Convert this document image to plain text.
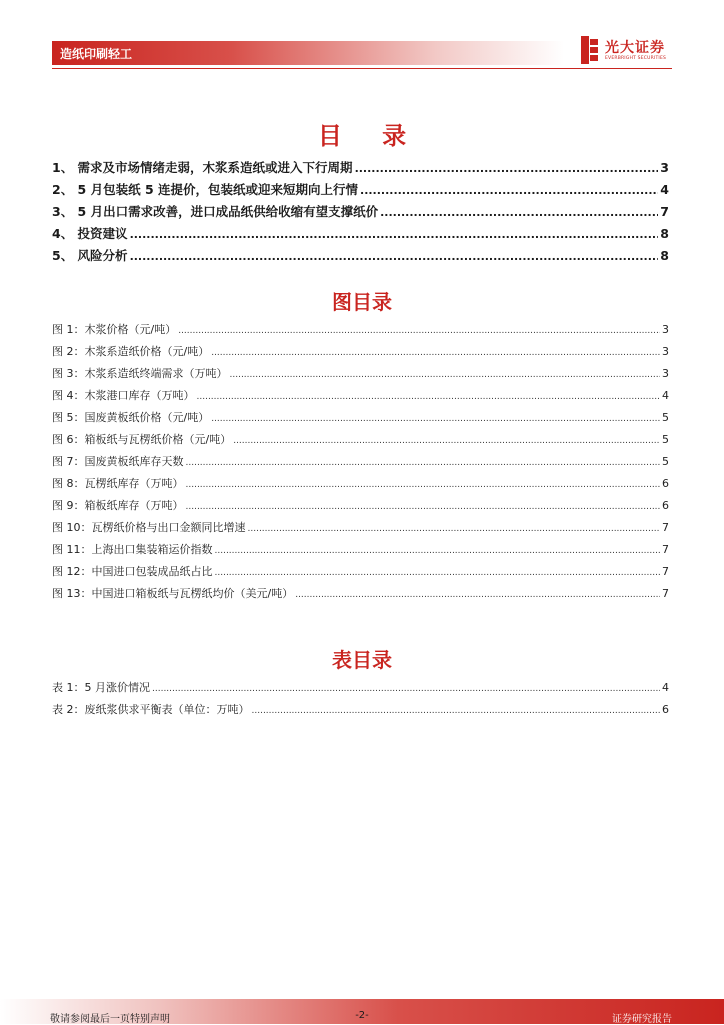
造纸印刷轻工	光大证券
EVERBRIGHT SECURITIES
目 录
1、 需求及市场情绪走弱，木浆系造纸或进入下行周期 .....	3
2、 5 月包装纸 5 连提价，包装纸或迎来短期向上行情 .....	4
3、 5 月出口需求改善，进口成品纸供给收缩有望支撑纸价 .....	7
4、 投资建议 .....	8
5、 风险分析 .....	8
图目录
图 1：木浆价格（元/吨） .....	3
图 2：木浆系造纸价格（元/吨） .....	3
图 3：木浆系造纸终端需求（万吨） .....	3
图 4：木浆港口库存（万吨） .....	4
图 5：国废黄板纸价格（元/吨） .....	5
图 6：箱板纸与瓦楞纸价格（元/吨） .....	5
图 7：国废黄板纸库存天数 .....	5
图 8：瓦楞纸库存（万吨） .....	6
图 9：箱板纸库存（万吨） .....	6
图 10：瓦楞纸价格与出口金额同比增速 .....	7
图 11：上海出口集装箱运价指数 .....	7
图 12：中国进口包装成品纸占比 .....	7
图 13：中国进口箱板纸与瓦楞纸均价（美元/吨） .....	7
表目录
表 1：5 月涨价情况 .....	4
表 2：废纸浆供求平衡表（单位：万吨） .....	6
敬请参阅最后一页特别声明	-2-	证券研究报告
